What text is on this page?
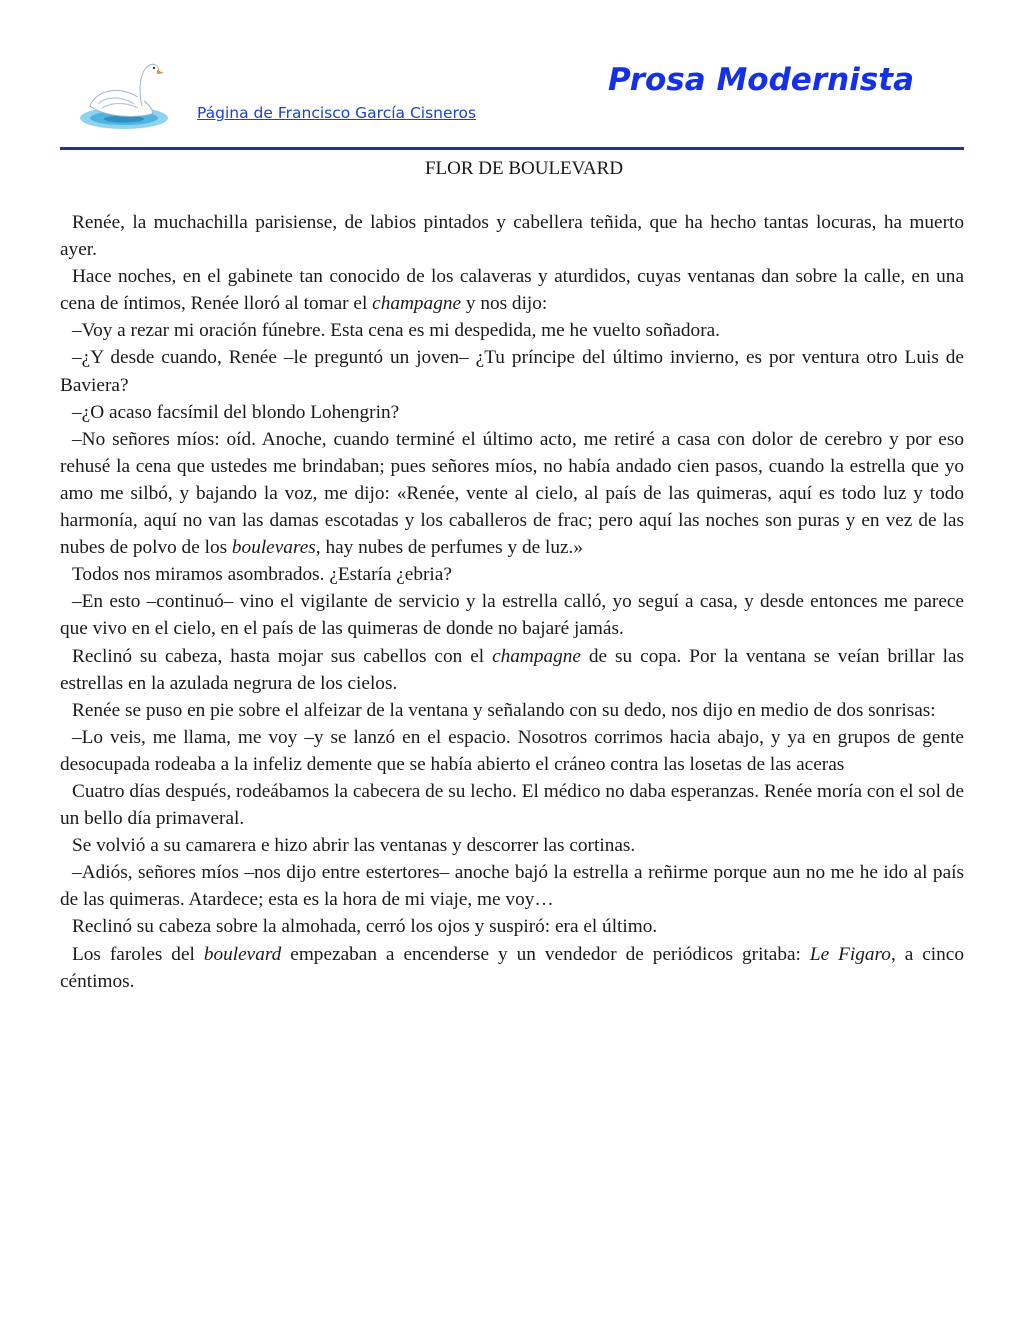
Página de Francisco García Cisneros
Prosa Modernista
FLOR DE BOULEVARD

Renée, la muchachilla parisiense, de labios pintados y cabellera teñida, que ha hecho tantas locuras, ha muerto ayer.

Hace noches, en el gabinete tan conocido de los calaveras y aturdidos, cuyas ventanas dan sobre la calle, en una cena de íntimos, Renée lloró al tomar el champagne y nos dijo:

–Voy a rezar mi oración fúnebre. Esta cena es mi despedida, me he vuelto soñadora.

–¿Y desde cuando, Renée –le preguntó un joven– ¿Tu príncipe del último invierno, es por ventura otro Luis de Baviera?

–¿O acaso facsímil del blondo Lohengrin?

–No señores míos: oíd. Anoche, cuando terminé el último acto, me retiré a casa con dolor de cerebro y por eso rehusé la cena que ustedes me brindaban; pues señores míos, no había andado cien pasos, cuando la estrella que yo amo me silbó, y bajando la voz, me dijo: «Renée, vente al cielo, al país de las quimeras, aquí es todo luz y todo harmonía, aquí no van las damas escotadas y los caballeros de frac; pero aquí las noches son puras y en vez de las nubes de polvo de los boulevares, hay nubes de perfumes y de luz.»

Todos nos miramos asombrados. ¿Estaría ¿ebria?

–En esto –continuó– vino el vigilante de servicio y la estrella calló, yo seguí a casa, y desde entonces me parece que vivo en el cielo, en el país de las quimeras de donde no bajaré jamás.

Reclinó su cabeza, hasta mojar sus cabellos con el champagne de su copa. Por la ventana se veían brillar las estrellas en la azulada negrura de los cielos.

Renée se puso en pie sobre el alfeizar de la ventana y señalando con su dedo, nos dijo en medio de dos sonrisas:

–Lo veis, me llama, me voy –y se lanzó en el espacio. Nosotros corrimos hacia abajo, y ya en grupos de gente desocupada rodeaba a la infeliz demente que se había abierto el cráneo contra las losetas de las aceras

Cuatro días después, rodeábamos la cabecera de su lecho. El médico no daba esperanzas. Renée moría con el sol de un bello día primaveral.

Se volvió a su camarera e hizo abrir las ventanas y descorrer las cortinas.

–Adiós, señores míos –nos dijo entre estertores– anoche bajó la estrella a reñirme porque aun no me he ido al país de las quimeras. Atardece; esta es la hora de mi viaje, me voy…

Reclinó su cabeza sobre la almohada, cerró los ojos y suspiró: era el último.

Los faroles del boulevard empezaban a encenderse y un vendedor de periódicos gritaba: Le Figaro, a cinco céntimos.
